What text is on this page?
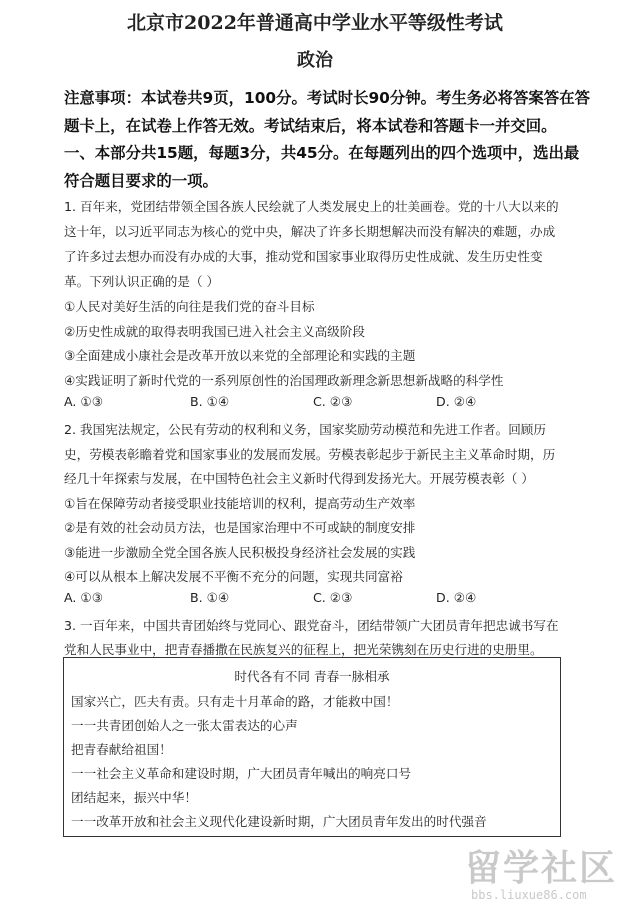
北京市2022年普通高中学业水平等级性考试
政治
注意事项：本试卷共9页，100分。考试时长90分钟。考生务必将答案答在答
题卡上，在试卷上作答无效。考试结束后，将本试卷和答题卡一并交回。
一、本部分共15题，每题3分，共45分。在每题列出的四个选项中，选出最
符合题目要求的一项。
1. 百年来，党团结带领全国各族人民绘就了人类发展史上的壮美画卷。党的十八大以来的
这十年，以习近平同志为核心的党中央，解决了许多长期想解决而没有解决的难题，办成
了许多过去想办而没有办成的大事，推动党和国家事业取得历史性成就、发生历史性变
革。下列认识正确的是（ ）
①人民对美好生活的向往是我们党的奋斗目标
②历史性成就的取得表明我国已进入社会主义高级阶段
③全面建成小康社会是改革开放以来党的全部理论和实践的主题
④实践证明了新时代党的一系列原创性的治国理政新理念新思想新战略的科学性
A. ①③	B. ①④	C. ②③	D. ②④
2. 我国宪法规定，公民有劳动的权利和义务，国家奖励劳动模范和先进工作者。回顾历
史，劳模表彰瞻着党和国家事业的发展而发展。劳模表彰起步于新民主主义革命时期，历
经几十年探索与发展，在中国特色社会主义新时代得到发扬光大。开展劳模表彰（ ）
①旨在保障劳动者接受职业技能培训的权利，提高劳动生产效率
②是有效的社会动员方法，也是国家治理中不可或缺的制度安排
③能进一步激励全党全国各族人民积极投身经济社会发展的实践
④可以从根本上解决发展不平衡不充分的问题，实现共同富裕
A. ①③	B. ①④	C. ②③	D. ②④
3. 一百年来，中国共青团始终与党同心、跟党奋斗，团结带领广大团员青年把忠诚书写在
党和人民事业中，把青春播撒在民族复兴的征程上，把光荣镌刻在历史行进的史册里。
时代各有不同 青春一脉相承
国家兴亡，匹夫有责。只有走十月革命的路，才能救中国！
一一共青团创始人之一张太雷表达的心声
把青春献给祖国！
一一社会主义革命和建设时期，广大团员青年喊出的响亮口号
团结起来，振兴中华！
一一改革开放和社会主义现代化建设新时期，广大团员青年发出的时代强音
留学社区
bbs.liuxue86.com
